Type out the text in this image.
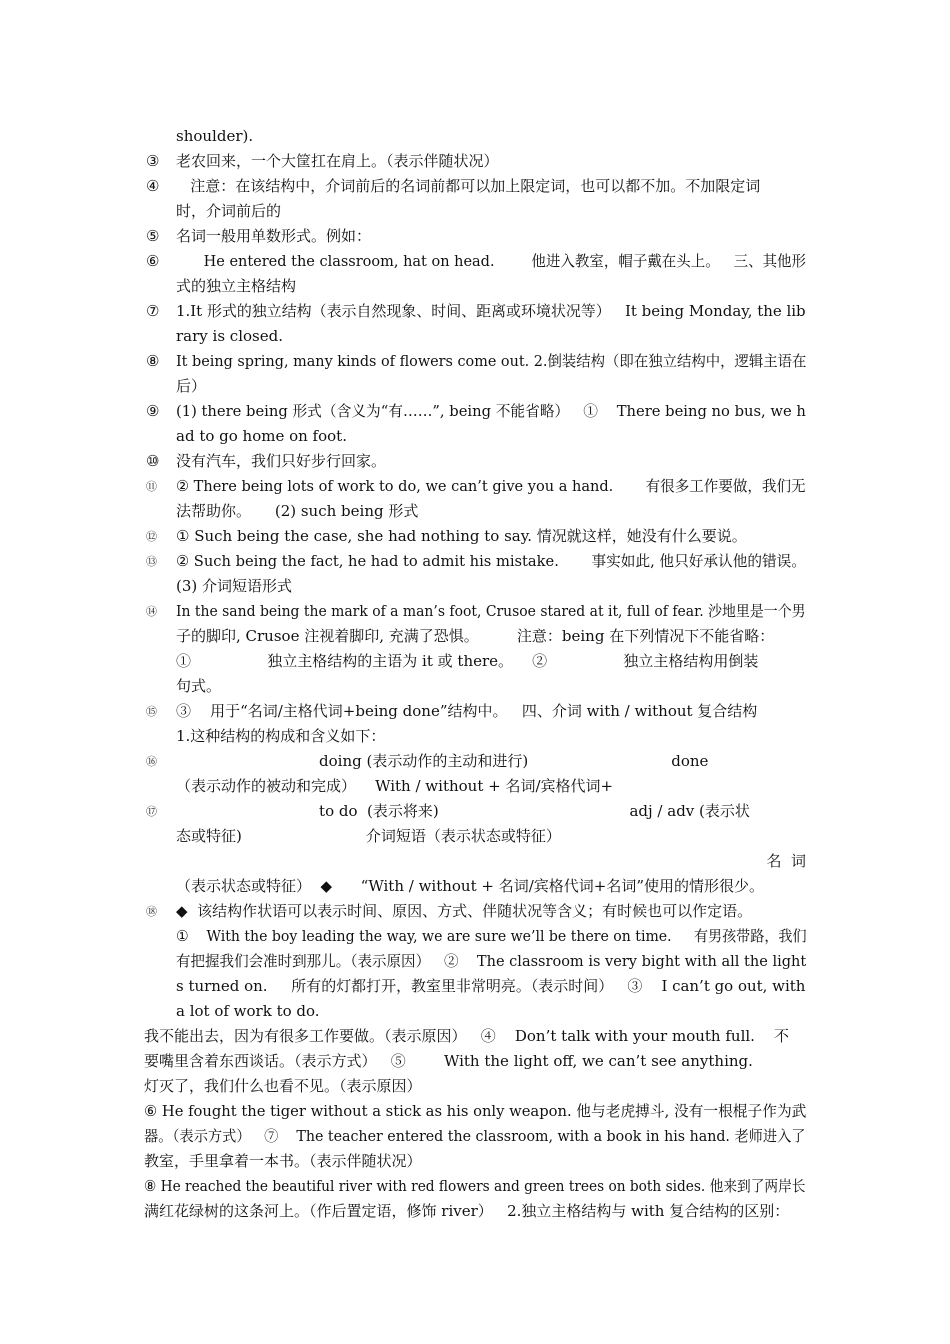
shoulder).
③ 老农回来，一个大筐扛在肩上。（表示伴随状况）
④ 注意：在该结构中，介词前后的名词前都可以加上限定词，也可以都不加。不加限定词
时，介词前后的
⑤ 名词一般用单数形式。例如：
⑥ He entered the classroom, hat on head.        他进入教室，帽子戴在头上。   三、其他形
式的独立主格结构
⑦ 1.It 形式的独立结构（表示自然现象、时间、距离或环境状况等）   It being Monday, the lib
rary is closed.
⑧ It being spring, many kinds of flowers come out. 2.倒装结构（即在独立结构中，逻辑主语在
后）
⑨ (1) there being 形式（含义为“有……”, being 不能省略）   ①    There being no bus, we h
ad to go home on foot.
⑩ 没有汽车，我们只好步行回家。
⑪ ② There being lots of work to do, we can’t give you a hand.       有很多工作要做，我们无
法帮助你。     (2) such being 形式
⑫ ① Such being the case, she had nothing to say. 情况就这样，她没有什么要说。
⑬ ② Such being the fact, he had to admit his mistake.       事实如此, 他只好承认他的错误。
(3) 介词短语形式
⑭ In the sand being the mark of a man’s foot, Crusoe stared at it, full of fear. 沙地里是一个男
子的脚印, Crusoe 注视着脚印, 充满了恐惧。        注意：being 在下列情况下不能省略：
①                独立主格结构的主语为 it 或 there。    ②                独立主格结构用倒装
句式。
⑮ ③    用于“名词/主格代词+being done”结构中。   四、介词 with / without 复合结构
1.这种结构的构成和含义如下：
⑯ doing (表示动作的主动和进行)                              done
（表示动作的被动和完成）    With / without + 名词/宾格代词+
⑰ to do  (表示将来)                                        adj / adv (表示状
态或特征)                          介词短语（表示状态或特征）
名  词
（表示状态或特征）  ◆      “With / without + 名词/宾格代词+名词”使用的情形很少。
⑱ ◆  该结构作状语可以表示时间、原因、方式、伴随状况等含义；有时候也可以作定语。
①    With the boy leading the way, we are sure we’ll be there on time.     有男孩带路，我们
有把握我们会准时到那儿。（表示原因）   ②    The classroom is very bight with all the light
s turned on.     所有的灯都打开，教室里非常明亮。（表示时间）   ③    I can’t go out, with
a lot of work to do.
我不能出去，因为有很多工作要做。（表示原因）   ④    Don’t talk with your mouth full.    不
要嘴里含着东西谈话。（表示方式）   ⑤        With the light off, we can’t see anything.
灯灭了，我们什么也看不见。（表示原因）
⑥ He fought the tiger without a stick as his only weapon. 他与老虎搏斗, 没有一根棍子作为武
器。（表示方式）   ⑦    The teacher entered the classroom, with a book in his hand. 老师进入了
教室，手里拿着一本书。（表示伴随状况）
⑧ He reached the beautiful river with red flowers and green trees on both sides. 他来到了两岸长
满红花绿树的这条河上。（作后置定语，修饰 river）   2.独立主格结构与 with 复合结构的区别：
